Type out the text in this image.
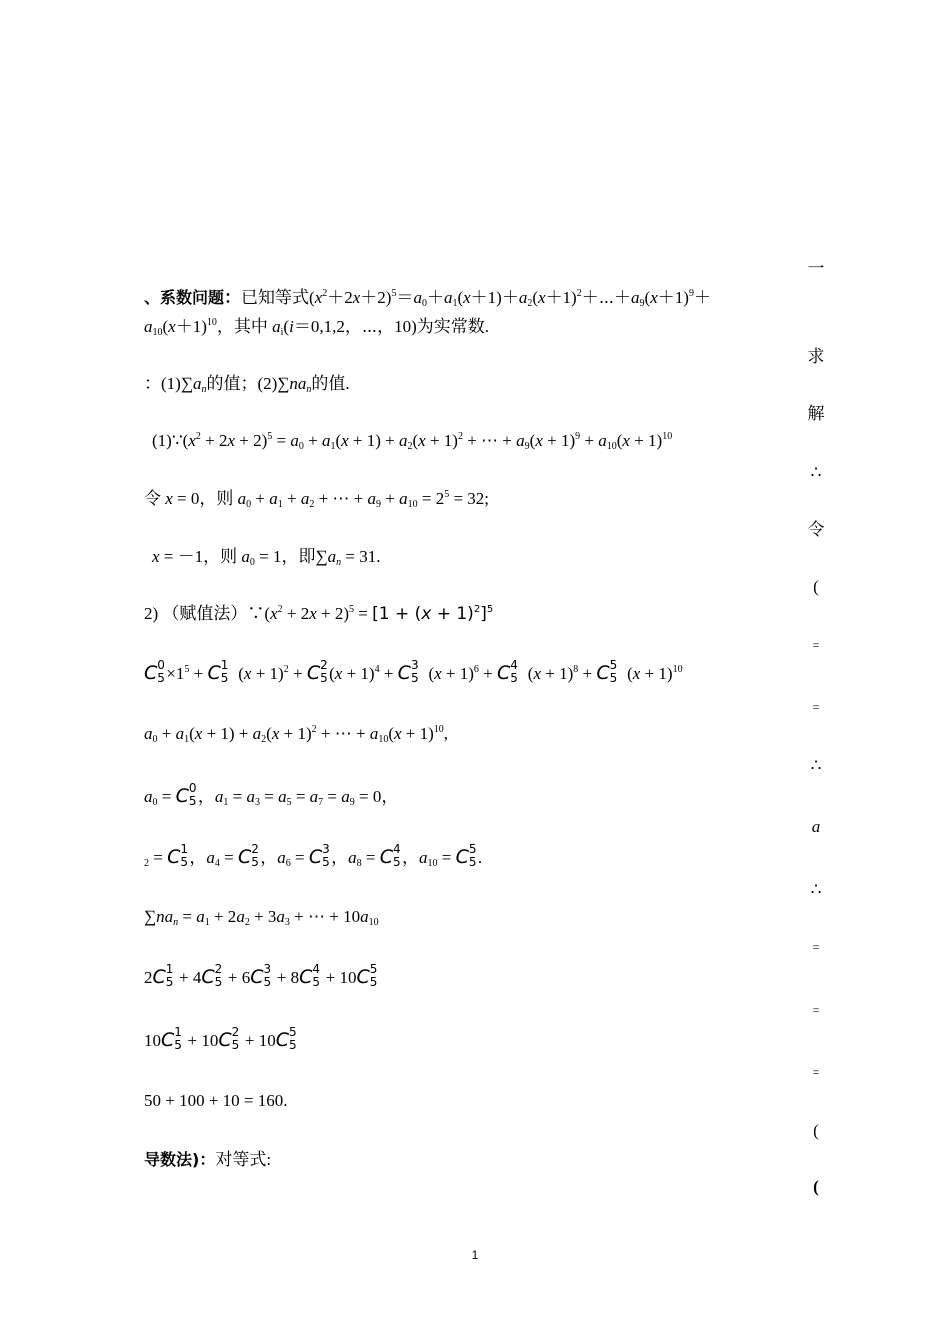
、系数问题：已知等式$(x^2+2x+2)^5=a_0+a_1(x+1)+a_2(x+1)^2+\cdots+a_9(x+1)^9+$
$a_{10}(x+1)^{10}$，其中 $a_i(i=0,1,2$，⋯，10)为实常数.
：$(1)\sum a_n$的值；$(2)\sum na_n$的值.
$(1)\because(x^2 + 2x + 2)^5 = a_0 + a_1(x + 1) + a_2(x + 1)^2$ + ⋯ + $a_9(x + 1)^9 + a_{10}(x + 1)^{10}$
令 x = 0，则 $a_0 + a_1 + a_2$ + ⋯ + $a_9 + a_{10} = 2^5 = 32$;
x = －1，则 $a_0 = 1$，即$\sum a_n = 31$.
2) （赋值法）$\because(x^2 + 2x + 2)^5 = [1 + (x + 1)^2]^5$
C 0
$5 \times 1^5 + C$ 1
5 $(x + 1)^2 + C$ 2
5 $(x + 1)^4 + C$ 3
5 $(x + 1)^6 + C$ 4
5 $(x + 1)^8 + C$ 5
5 $(x + 1)^{10}$
$a_0 + a_1(x + 1) + a_2(x + 1)^2$ + ⋯ + $a_{10}(x + 1)^{10}$,
$a_0 = C$ 0
5 ，$a_1 = a_3 = a_5 = a_7 = a_9 = 0$，
$_2$ = C 1
5 ，$a_4 = C$ 2
5 ，$a_6 = C$ 3
5 ，$a_8 = C$ 4
5 ，$a_{10} = C$ 5
5 .
$\sum na_n = a_1 + 2a_2 + 3a_3$ + ⋯ + $10a_{10}$
2C 1
5 + 4C 2
5 + 6C 3
5 + 8C 4
5 + 10C 5
5
10C 1
5 + 10C 2
5 + 10C 5
5
50 + 100 + 10 = 160.
导数法)：对等式:
一
求
解
∴
令
(
=
=
∴
a
∴
=
=
=
(
(
1
